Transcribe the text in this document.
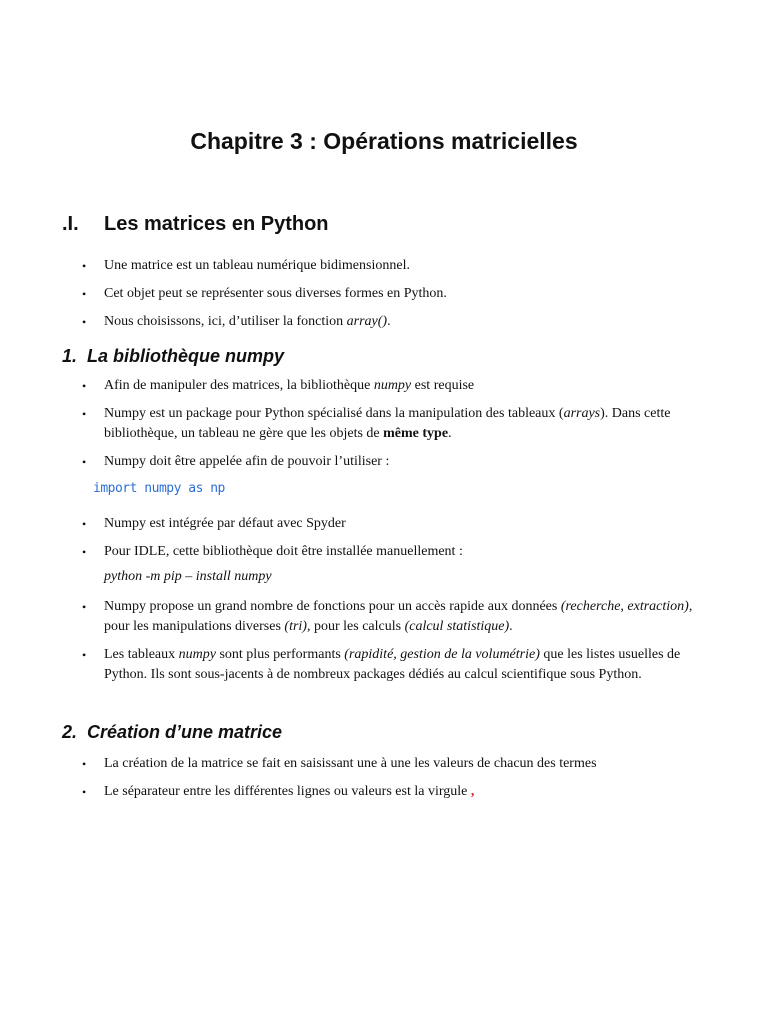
Chapitre 3 : Opérations matricielles
.I. Les matrices en Python
• Une matrice est un tableau numérique bidimensionnel.
• Cet objet peut se représenter sous diverses formes en Python.
• Nous choisissons, ici, d’utiliser la fonction array().
1. La bibliothèque numpy
• Afin de manipuler des matrices, la bibliothèque numpy est requise
• Numpy est un package pour Python spécialisé dans la manipulation des tableaux (arrays). Dans cette bibliothèque, un tableau ne gère que les objets de même type.
• Numpy doit être appelée afin de pouvoir l’utiliser :
import numpy as np
• Numpy est intégrée par défaut avec Spyder
• Pour IDLE, cette bibliothèque doit être installée manuellement :
python -m pip – install numpy
• Numpy propose un grand nombre de fonctions pour un accès rapide aux données (recherche, extraction), pour les manipulations diverses (tri), pour les calculs (calcul statistique).
• Les tableaux numpy sont plus performants (rapidité, gestion de la volumétrie) que les listes usuelles de Python. Ils sont sous-jacents à de nombreux packages dédiés au calcul scientifique sous Python.
2. Création d’une matrice
• La création de la matrice se fait en saisissant une à une les valeurs de chacun des termes
• Le séparateur entre les différentes lignes ou valeurs est la virgule ,
